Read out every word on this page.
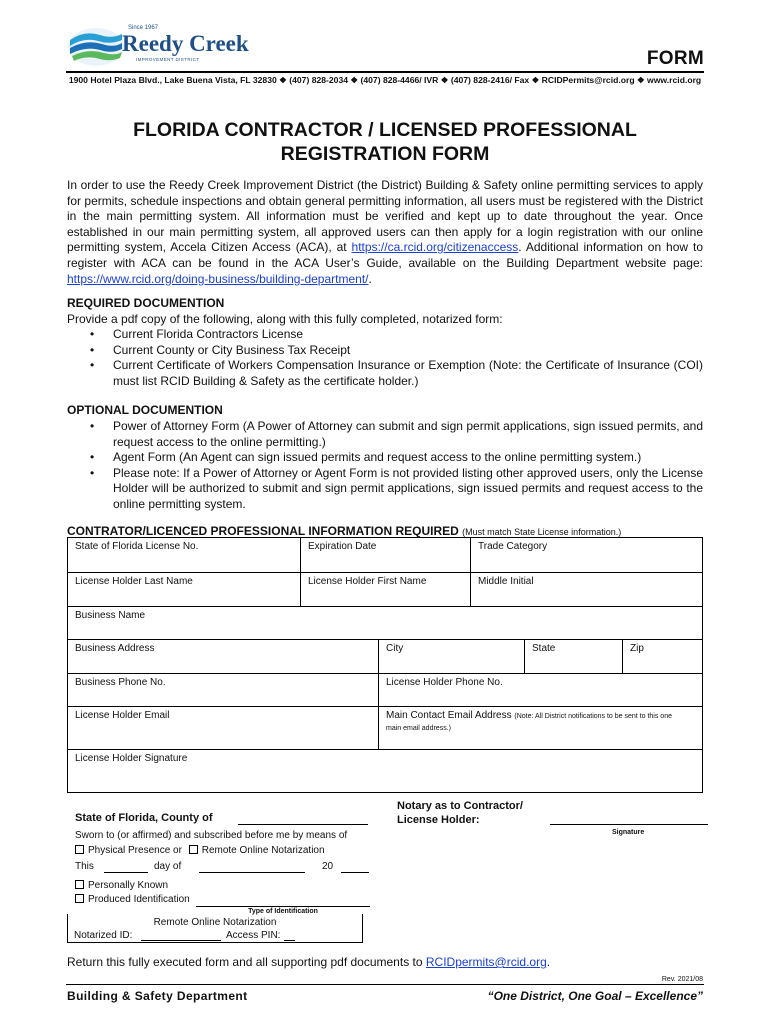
Since 1967
Reedy Creek
IMPROVEMENT DISTRICT	FORM
1900 Hotel Plaza Blvd., Lake Buena Vista, FL 32830 ❖ (407) 828-2034 ❖ (407) 828-4466/ IVR ❖ (407) 828-2416/ Fax ❖ RCIDPermits@rcid.org ❖ www.rcid.org
FLORIDA CONTRACTOR / LICENSED PROFESSIONAL
REGISTRATION FORM
In order to use the Reedy Creek Improvement District (the District) Building & Safety online permitting services to apply for permits, schedule inspections and obtain general permitting information, all users must be registered with the District in the main permitting system. All information must be verified and kept up to date throughout the year. Once established in our main permitting system, all approved users can then apply for a login registration with our online permitting system, Accela Citizen Access (ACA), at https://ca.rcid.org/citizenaccess. Additional information on how to register with ACA can be found in the ACA User’s Guide, available on the Building Department website page: https://www.rcid.org/doing-business/building-department/.
REQUIRED DOCUMENTION
Provide a pdf copy of the following, along with this fully completed, notarized form:
• Current Florida Contractors License
• Current County or City Business Tax Receipt
• Current Certificate of Workers Compensation Insurance or Exemption (Note: the Certificate of Insurance (COI) must list RCID Building & Safety as the certificate holder.)
OPTIONAL DOCUMENTION
• Power of Attorney Form (A Power of Attorney can submit and sign permit applications, sign issued permits, and request access to the online permitting.)
• Agent Form (An Agent can sign issued permits and request access to the online permitting system.)
• Please note: If a Power of Attorney or Agent Form is not provided listing other approved users, only the License Holder will be authorized to submit and sign permit applications, sign issued permits and request access to the online permitting system.
CONTRATOR/LICENCED PROFESSIONAL INFORMATION REQUIRED (Must match State License information.)
State of Florida License No.	Expiration Date	Trade Category
License Holder Last Name	License Holder First Name	Middle Initial
Business Name
Business Address	City	State	Zip
Business Phone No.	License Holder Phone No.
License Holder Email	Main Contact Email Address (Note: All District notifications to be sent to this one
main email address.)
License Holder Signature
State of Florida, County of
Notary as to Contractor/
License Holder:
Signature
Sworn to (or affirmed) and subscribed before me by means of
Physical Presence or Remote Online Notarization
This	day of	20
Personally Known
Produced Identification
Type of Identification
Remote Online Notarization
Notarized ID:	Access PIN:
Return this fully executed form and all supporting pdf documents to RCIDpermits@rcid.org.
Rev. 2021/08
Building & Safety Department	“One District, One Goal – Excellence”
